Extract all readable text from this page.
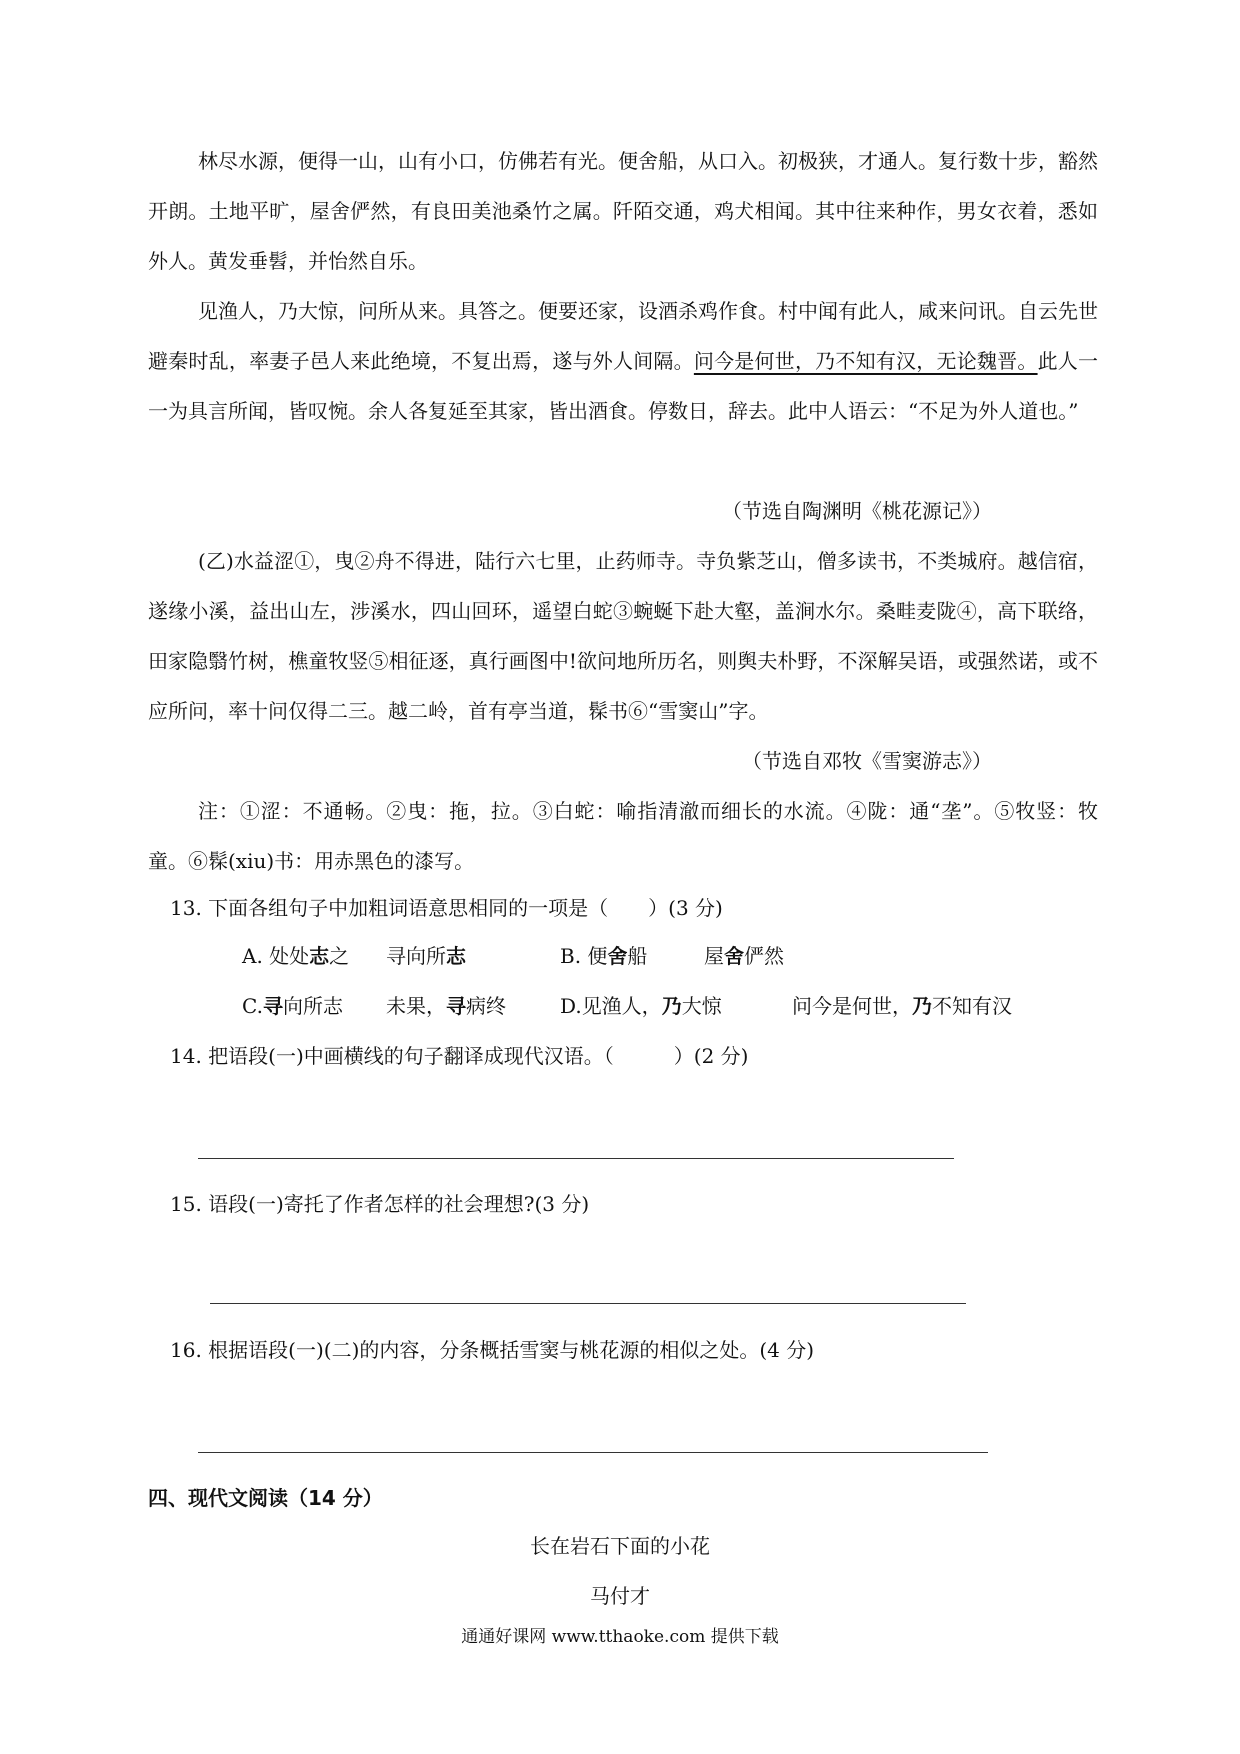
林尽水源，便得一山，山有小口，仿佛若有光。便舍船，从口入。初极狭，才通人。复行数十步，豁然开朗。土地平旷，屋舍俨然，有良田美池桑竹之属。阡陌交通，鸡犬相闻。其中往来种作，男女衣着，悉如外人。黄发垂髫，并怡然自乐。

见渔人，乃大惊，问所从来。具答之。便要还家，设酒杀鸡作食。村中闻有此人，咸来问讯。自云先世避秦时乱，率妻子邑人来此绝境，不复出焉，遂与外人间隔。问今是何世，乃不知有汉，无论魏晋。此人一一为具言所闻，皆叹惋。余人各复延至其家，皆出酒食。停数日，辞去。此中人语云：“不足为外人道也。”

（节选自陶渊明《桃花源记》）

(乙)水益涩①，曳②舟不得进，陆行六七里，止药师寺。寺负紫芝山，僧多读书，不类城府。越信宿，遂缘小溪，益出山左，涉溪水，四山回环，遥望白蛇③蜿蜒下赴大壑，盖涧水尔。桑畦麦陇④，高下联络，田家隐翳竹树，樵童牧竖⑤相征逐，真行画图中!欲问地所历名，则舆夫朴野，不深解吴语，或强然诺，或不应所问，率十问仅得二三。越二岭，首有亭当道，髹书⑥“雪窦山”字。

（节选自邓牧《雪窦游志》）

注：①涩：不通畅。②曳：拖，拉。③白蛇：喻指清澈而细长的水流。④陇：通“垄”。⑤牧竖：牧童。⑥髹(xiu)书：用赤黑色的漆写。

13. 下面各组句子中加粗词语意思相同的一项是（　　）(3 分)
A. 处处志之 寻向所志	B. 便舍船	屋舍俨然
C.寻向所志 未果，寻病终	D.见渔人，乃大惊	问今是何世，乃不知有汉
14. 把语段(一)中画横线的句子翻译成现代汉语。（　　　）(2 分)
15. 语段(一)寄托了作者怎样的社会理想?(3 分)
16. 根据语段(一)(二)的内容，分条概括雪窦与桃花源的相似之处。(4 分)
四、现代文阅读（14 分）
长在岩石下面的小花
马付才
通通好课网 www.tthaoke.com 提供下载
